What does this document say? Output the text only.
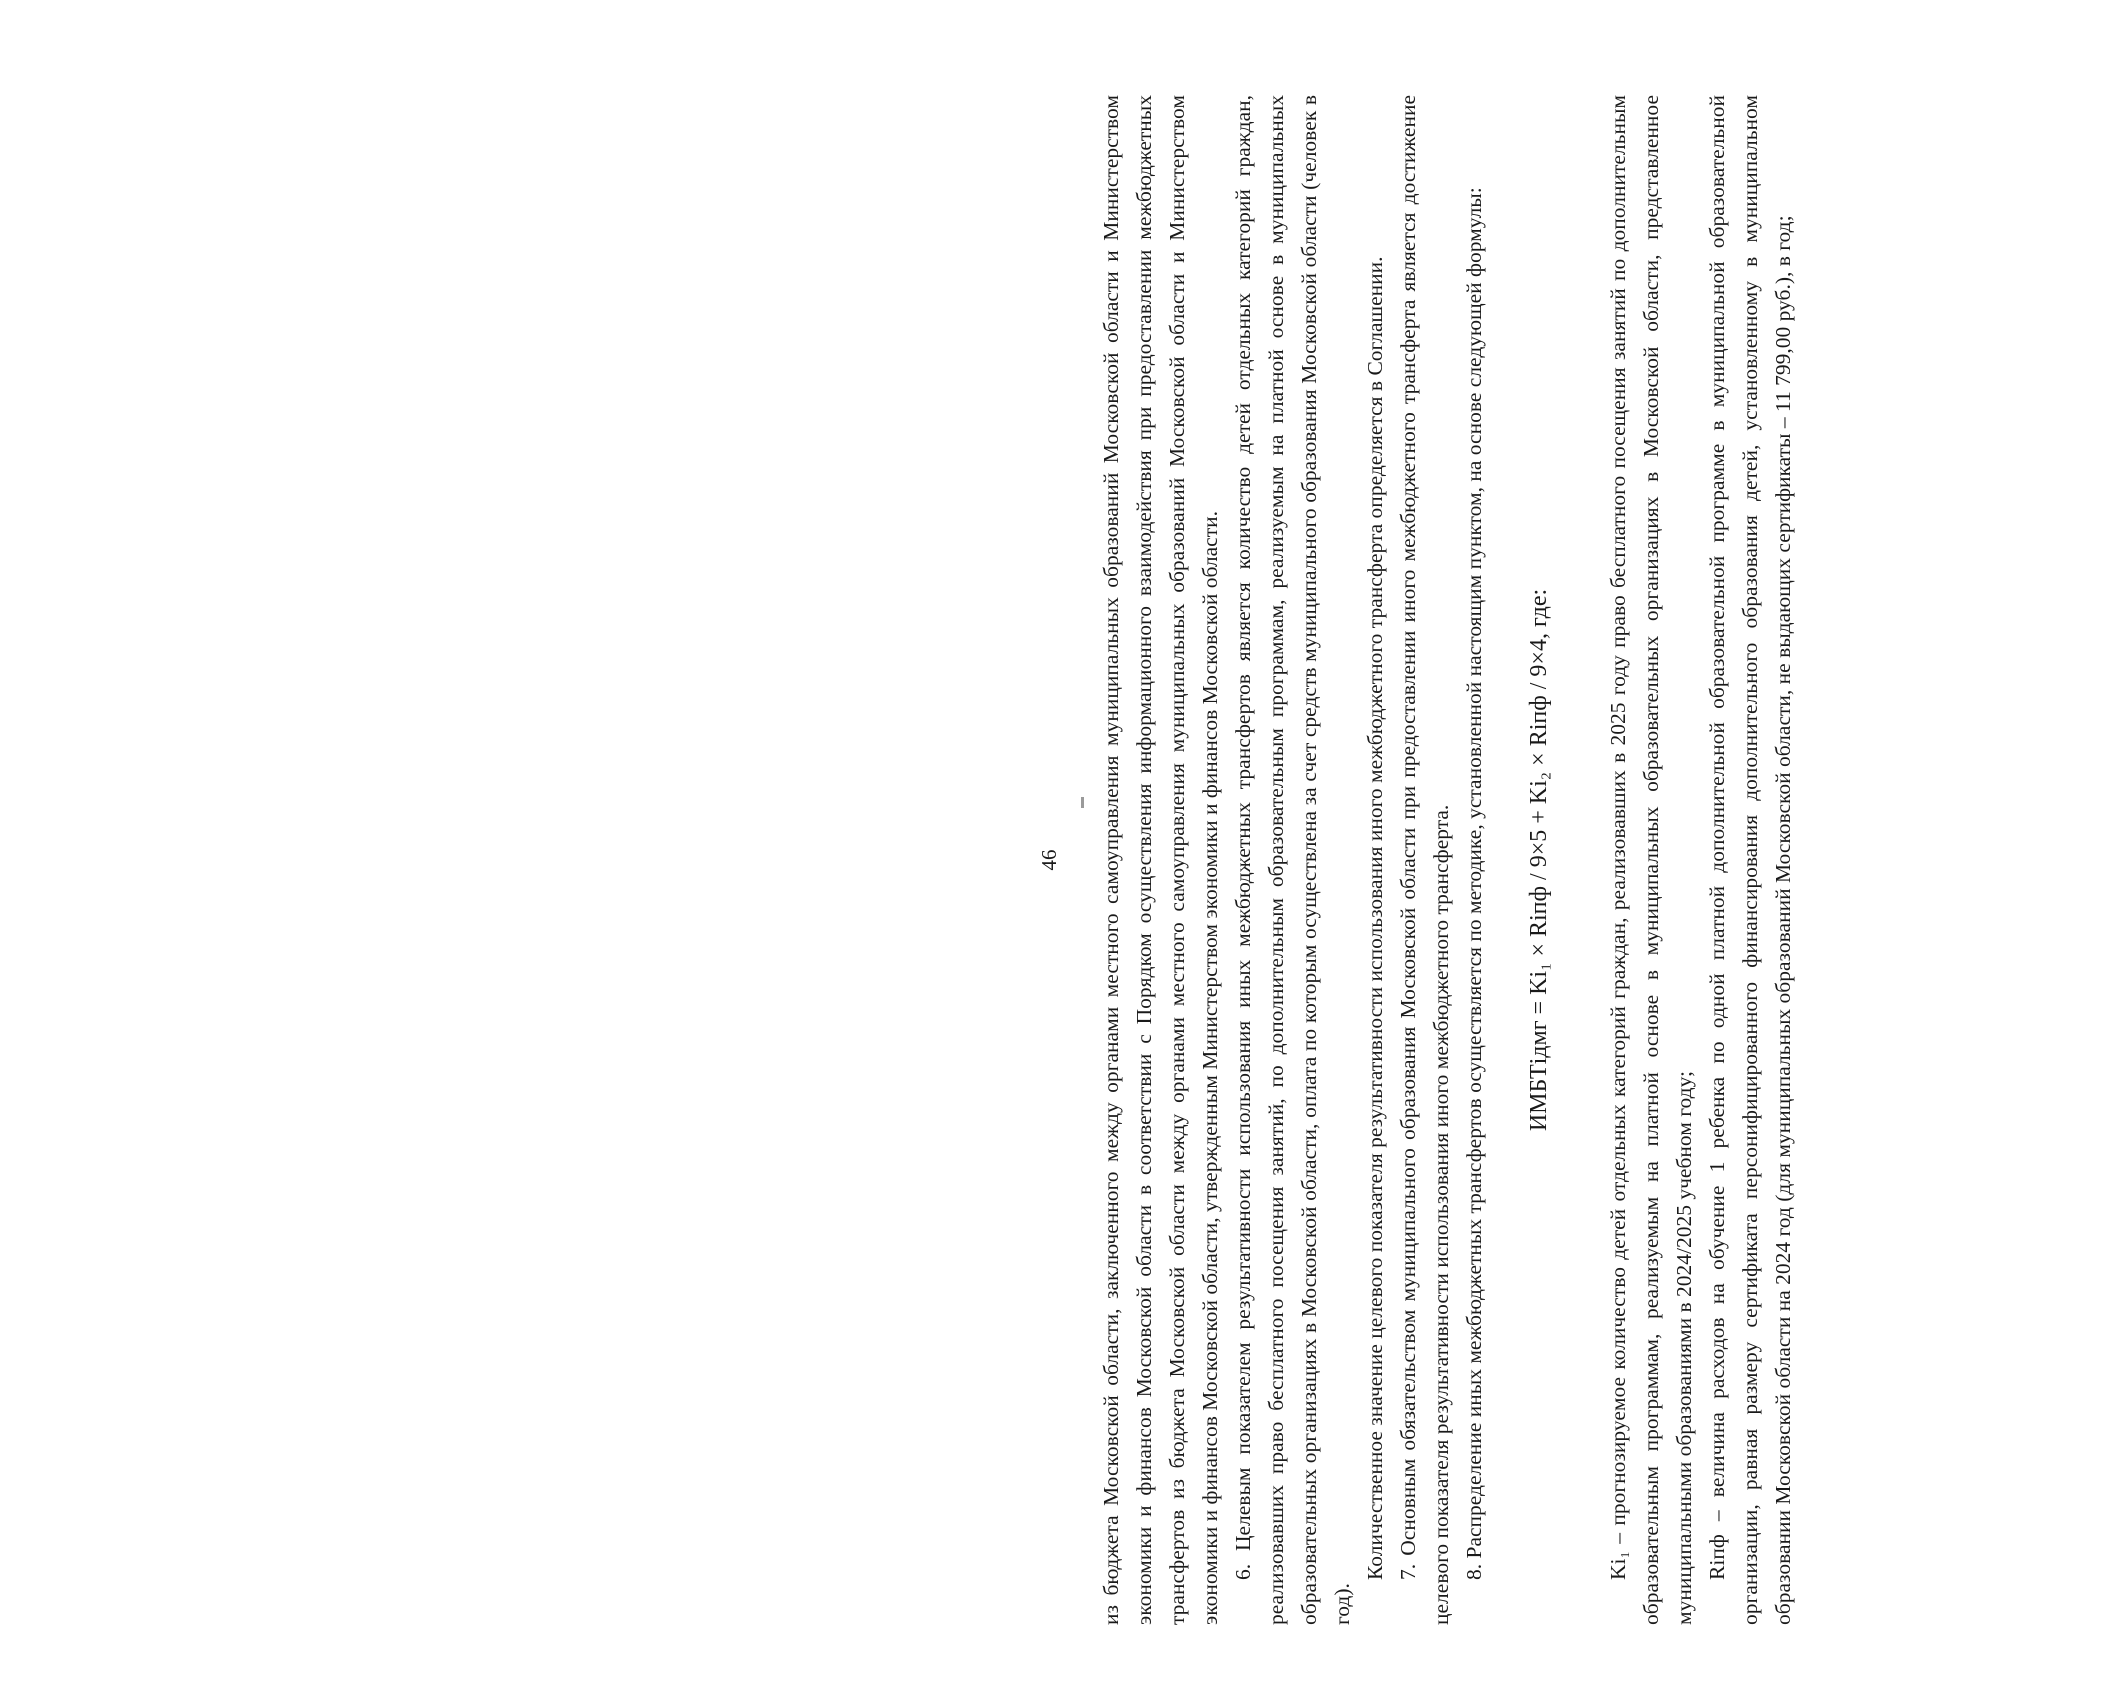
46 из бюджета Московской области, заключенного между органами местного самоуправления муниципальных образований Московской области и Министерством экономики и финансов Московской области в соответствии с Порядком осуществления информационного взаимодействия при предоставлении межбюджетных трансфертов из бюджета Московской области между органами местного самоуправления муниципальных образований Московской области и Министерством экономики и финансов Московской области, утвержденным Министерством экономики и финансов Московской области. 6. Целевым показателем результативности использования иных межбюджетных трансфертов является количество детей отдельных категорий граждан, реализовавших право бесплатного посещения занятий, по дополнительным образовательным программам, реализуемым на платной основе в муниципальных образовательных организациях в Московской области, оплата по которым осуществлена за счет средств муниципального образования Московской области (человек в год).

Количественное значение целевого показателя результативности использования иного межбюджетного трансферта определяется в Соглашении. 7. Основным обязательством муниципального образования Московской области при предоставлении иного межбюджетного трансферта является достижение целевого показателя результативности использования иного межбюджетного трансферта. 8. Распределение иных межбюджетных трансфертов осуществляется по методике, установленной настоящим пунктом, на основе следующей формулы: ИМБТiдмг = Ki₁ × Riпф / 9×5 + Ki₂ × Riпф / 9×4, где:	Ki₁ – прогнозируемое количество детей отдельных категорий граждан, реализовавших в 2025 году право бесплатного посещения занятий по дополнительным образовательным программам, реализуемым на платной основе в муниципальных образовательных организациях в Московской области, представленное муниципальными образованиями в 2024/2025 учебном году; Riпф – величина расходов на обучение 1 ребенка по одной платной дополнительной образовательной программе в муниципальной образовательной организации, равная размеру сертификата персонифицированного финансирования дополнительного образования детей, установленному в муниципальном образовании Московской области на 2024 год (для муниципальных образований Московской области, не выдающих сертификаты – 11 799,00 руб.), в год;
